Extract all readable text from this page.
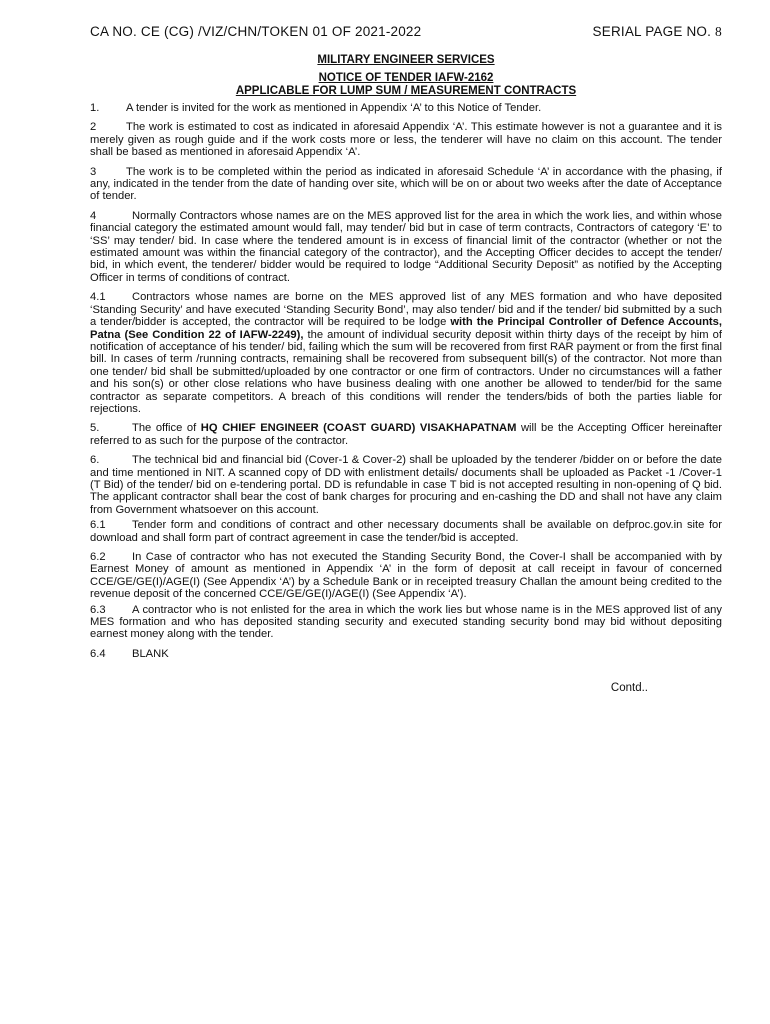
CA NO. CE (CG) /VIZ/CHN/TOKEN 01 OF 2021-2022	SERIAL PAGE NO. 8
MILITARY ENGINEER SERVICES
NOTICE OF TENDER IAFW-2162
APPLICABLE FOR LUMP SUM / MEASUREMENT CONTRACTS
1. A tender is invited for the work as mentioned in Appendix ‘A’ to this Notice of Tender.
2	The work is estimated to cost as indicated in aforesaid Appendix ‘A’. This estimate however is not a guarantee and it is merely given as rough guide and if the work costs more or less, the tenderer will have no claim on this account. The tender shall be based as mentioned in aforesaid Appendix ‘A’.
3	The work is to be completed within the period as indicated in aforesaid Schedule ‘A’ in accordance with the phasing, if any, indicated in the tender from the date of handing over site, which will be on or about two weeks after the date of Acceptance of tender.
4	Normally Contractors whose names are on the MES approved list for the area in which the work lies, and within whose financial category the estimated amount would fall, may tender/ bid but in case of term contracts, Contractors of category ‘E’ to ‘SS’ may tender/ bid. In case where the tendered amount is in excess of financial limit of the contractor (whether or not the estimated amount was within the financial category of the contractor), and the Accepting Officer decides to accept the tender/ bid, in which event, the tenderer/ bidder would be required to lodge “Additional Security Deposit” as notified by the Accepting Officer in terms of conditions of contract.
4.1 Contractors whose names are borne on the MES approved list of any MES formation and who have deposited ‘Standing Security’ and have executed ‘Standing Security Bond’, may also tender/ bid and if the tender/ bid submitted by a such a tender/bidder is accepted, the contractor will be required to be lodge with the Principal Controller of Defence Accounts, Patna (See Condition 22 of IAFW-2249), the amount of individual security deposit within thirty days of the receipt by him of notification of acceptance of his tender/ bid, failing which the sum will be recovered from first RAR payment or from the first final bill. In cases of term /running contracts, remaining shall be recovered from subsequent bill(s) of the contractor. Not more than one tender/ bid shall be submitted/uploaded by one contractor or one firm of contractors. Under no circumstances will a father and his son(s) or other close relations who have business dealing with one another be allowed to tender/bid for the same contractor as separate competitors. A breach of this conditions will render the tenders/bids of both the parties liable for rejections.
5.	The office of HQ CHIEF ENGINEER (COAST GUARD) VISAKHAPATNAM will be the Accepting Officer hereinafter referred to as such for the purpose of the contractor.
6.	The technical bid and financial bid (Cover-1 & Cover-2) shall be uploaded by the tenderer /bidder on or before the date and time mentioned in NIT. A scanned copy of DD with enlistment details/ documents shall be uploaded as Packet -1 /Cover-1 (T Bid) of the tender/ bid on e-tendering portal. DD is refundable in case T bid is not accepted resulting in non-opening of Q bid. The applicant contractor shall bear the cost of bank charges for procuring and en-cashing the DD and shall not have any claim from Government whatsoever on this account.
6.1 Tender form and conditions of contract and other necessary documents shall be available on defproc.gov.in site for download and shall form part of contract agreement in case the tender/bid is accepted.
6.2 In Case of contractor who has not executed the Standing Security Bond, the Cover-I shall be accompanied with by Earnest Money of amount as mentioned in Appendix ‘A’ in the form of deposit at call receipt in favour of concerned CCE/GE/GE(I)/AGE(I) (See Appendix ‘A’) by a Schedule Bank or in receipted treasury Challan the amount being credited to the revenue deposit of the concerned CCE/GE/GE(I)/AGE(I) (See Appendix ‘A’).
6.3 A contractor who is not enlisted for the area in which the work lies but whose name is in the MES approved list of any MES formation and who has deposited standing security and executed standing security bond may bid without depositing earnest money along with the tender.
6.4 BLANK
Contd..
